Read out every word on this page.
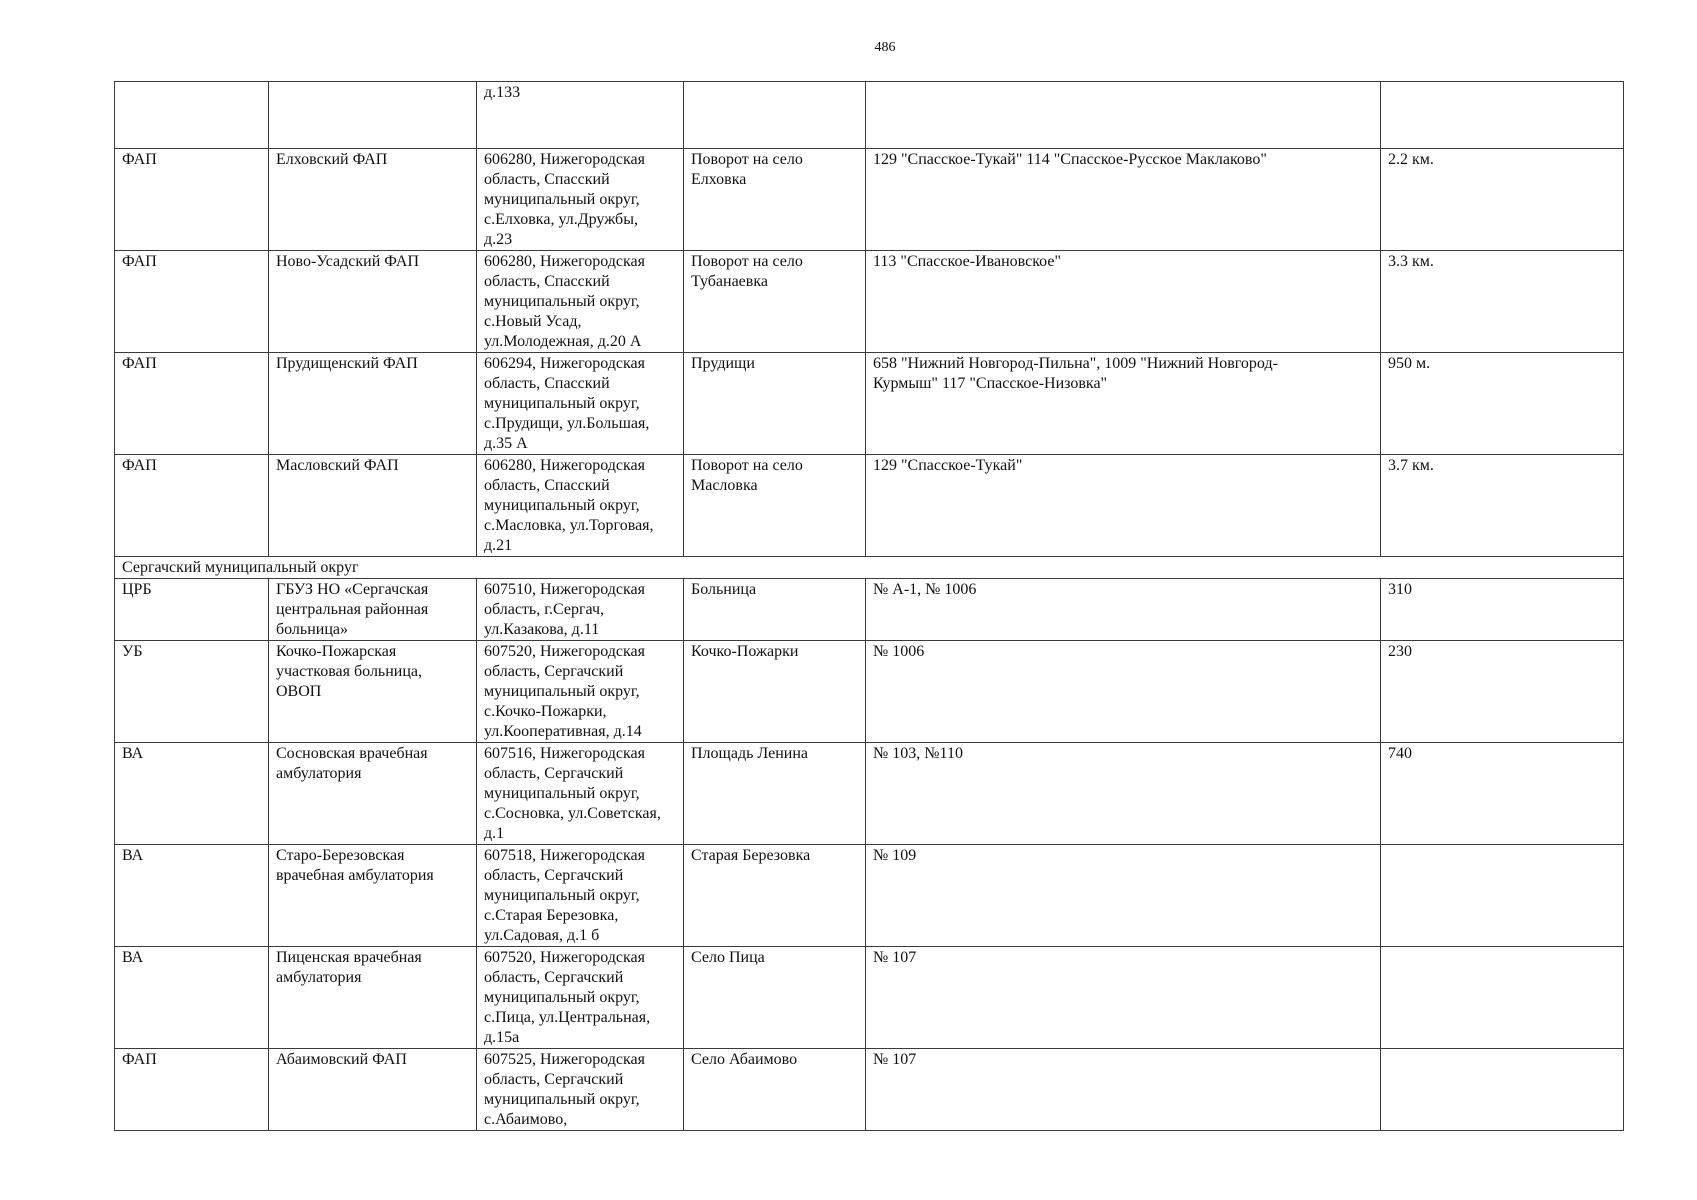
486
		д.133			
ФАП	Елховский ФАП	606280, Нижегородская
область, Спасский
муниципальный округ,
с.Елховка, ул.Дружбы,
д.23	Поворот на село
Елховка	129 "Спасское-Тукай" 114 "Спасское-Русское Маклаково"	2.2 км.
ФАП	Ново-Усадский ФАП	606280, Нижегородская
область, Спасский
муниципальный округ,
с.Новый Усад,
ул.Молодежная, д.20 А	Поворот на село
Тубанаевка	113 "Спасское-Ивановское"	3.3 км.
ФАП	Прудищенский ФАП	606294, Нижегородская
область, Спасский
муниципальный округ,
с.Прудищи, ул.Большая,
д.35 А	Прудищи	658 "Нижний Новгород-Пильна", 1009 "Нижний Новгород-
Курмыш" 117 "Спасское-Низовка"	950 м.
ФАП	Масловский ФАП	606280, Нижегородская
область, Спасский
муниципальный округ,
с.Масловка, ул.Торговая,
д.21	Поворот на село
Масловка	129 "Спасское-Тукай"	3.7 км.
Сергачский муниципальный округ					
ЦРБ	ГБУЗ НО «Сергачская
центральная районная
больница»	607510, Нижегородская
область, г.Сергач,
ул.Казакова, д.11	Больница	№ А-1, № 1006	310
УБ	Кочко-Пожарская
участковая больница,
ОВОП	607520, Нижегородская
область, Сергачский
муниципальный округ,
с.Кочко-Пожарки,
ул.Кооперативная, д.14	Кочко-Пожарки	№ 1006	230
ВА	Сосновская врачебная
амбулатория	607516, Нижегородская
область, Сергачский
муниципальный округ,
с.Сосновка, ул.Советская,
д.1	Площадь Ленина	№ 103, №110	740
ВА	Старо-Березовская
врачебная амбулатория	607518, Нижегородская
область, Сергачский
муниципальный округ,
с.Старая Березовка,
ул.Садовая, д.1 б	Старая Березовка	№ 109	
ВА	Пиценская врачебная
амбулатория	607520, Нижегородская
область, Сергачский
муниципальный округ,
с.Пица, ул.Центральная,
д.15а	Село Пица	№ 107	
ФАП	Абаимовский ФАП	607525, Нижегородская
область, Сергачский
муниципальный округ,
с.Абаимово,	Село Абаимово	№ 107	
